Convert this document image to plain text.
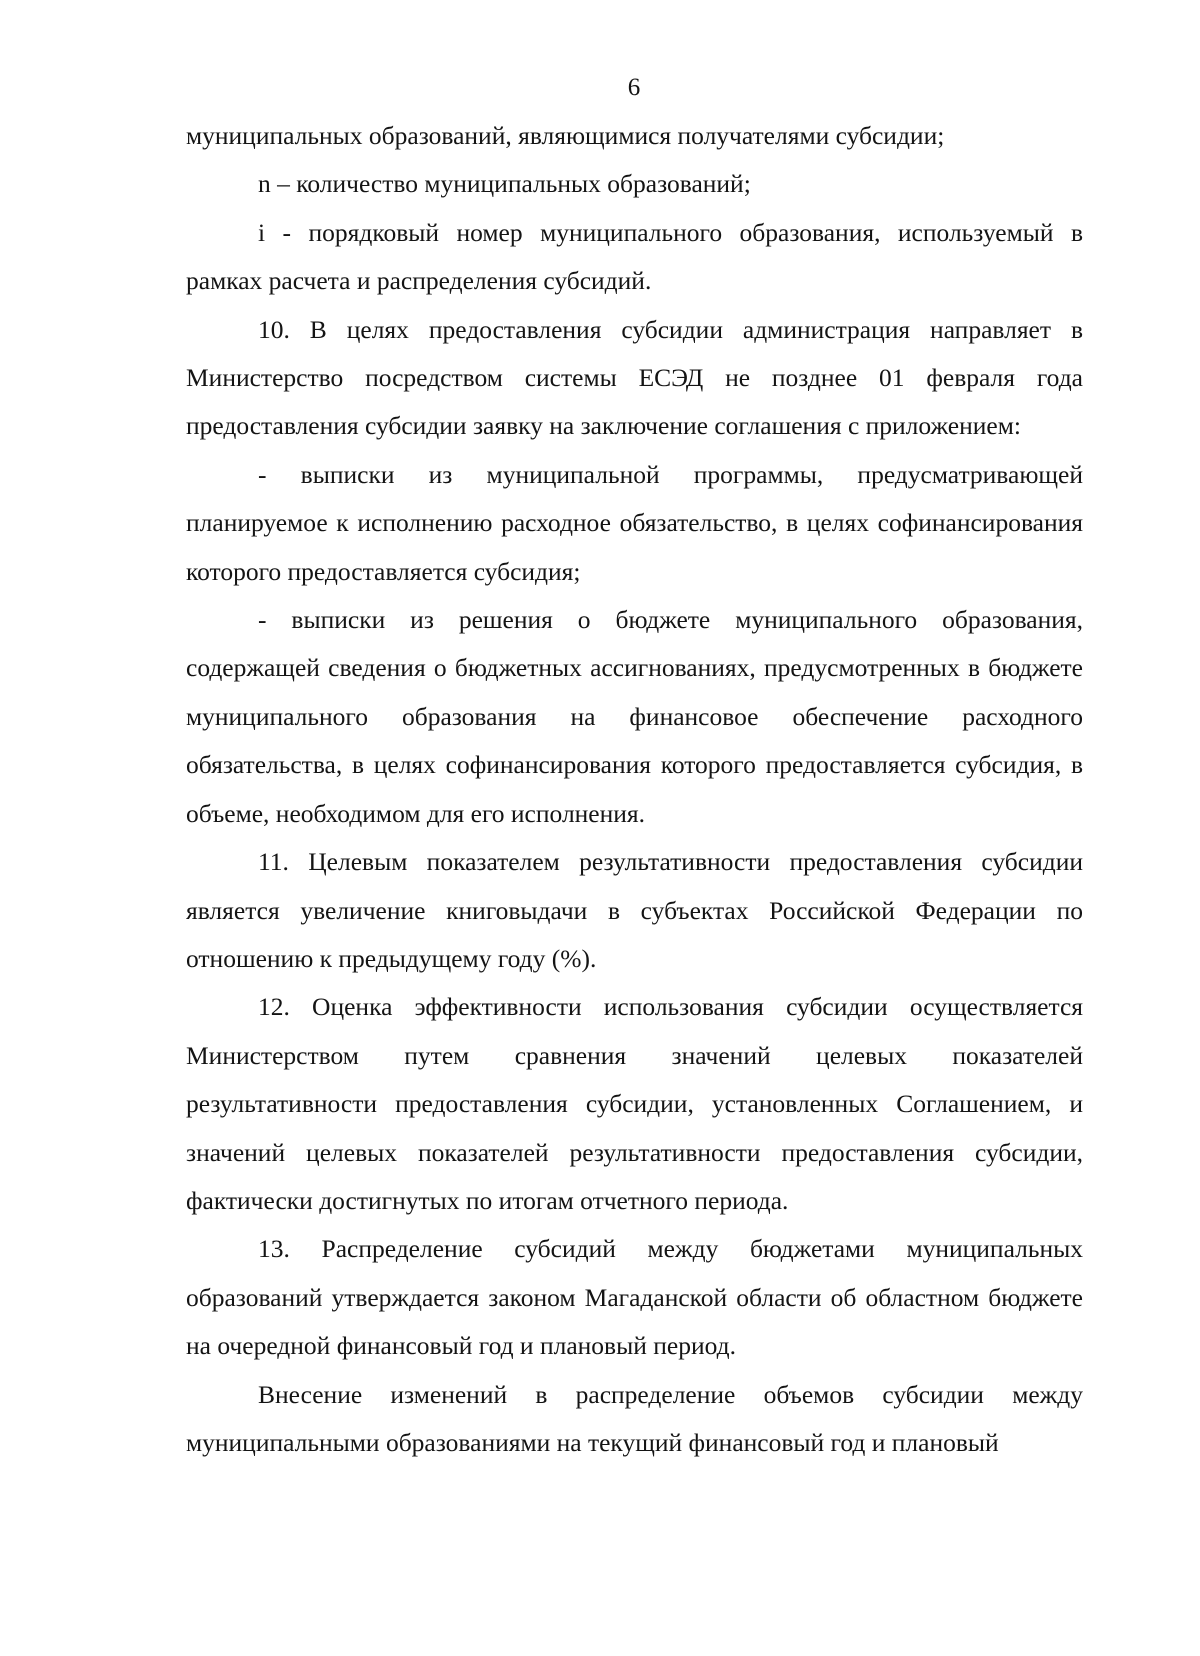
6

муниципальных образований, являющимися получателями субсидии;

n – количество муниципальных образований;

i - порядковый номер муниципального образования, используемый в рамках расчета и распределения субсидий.

10. В целях предоставления субсидии администрация направляет в Министерство посредством системы ЕСЭД не позднее 01 февраля года предоставления субсидии заявку на заключение соглашения с приложением:

- выписки из муниципальной программы, предусматривающей планируемое к исполнению расходное обязательство, в целях софинансирования которого предоставляется субсидия;

- выписки из решения о бюджете муниципального образования, содержащей сведения о бюджетных ассигнованиях, предусмотренных в бюджете муниципального образования на финансовое обеспечение расходного обязательства, в целях софинансирования которого предоставляется субсидия, в объеме, необходимом для его исполнения.

11. Целевым показателем результативности предоставления субсидии является увеличение книговыдачи в субъектах Российской Федерации по отношению к предыдущему году (%).

12. Оценка эффективности использования субсидии осуществляется Министерством путем сравнения значений целевых показателей результативности предоставления субсидии, установленных Соглашением, и значений целевых показателей результативности предоставления субсидии, фактически достигнутых по итогам отчетного периода.

13. Распределение субсидий между бюджетами муниципальных образований утверждается законом Магаданской области об областном бюджете на очередной финансовый год и плановый период.

Внесение изменений в распределение объемов субсидии между муниципальными образованиями на текущий финансовый год и плановый
